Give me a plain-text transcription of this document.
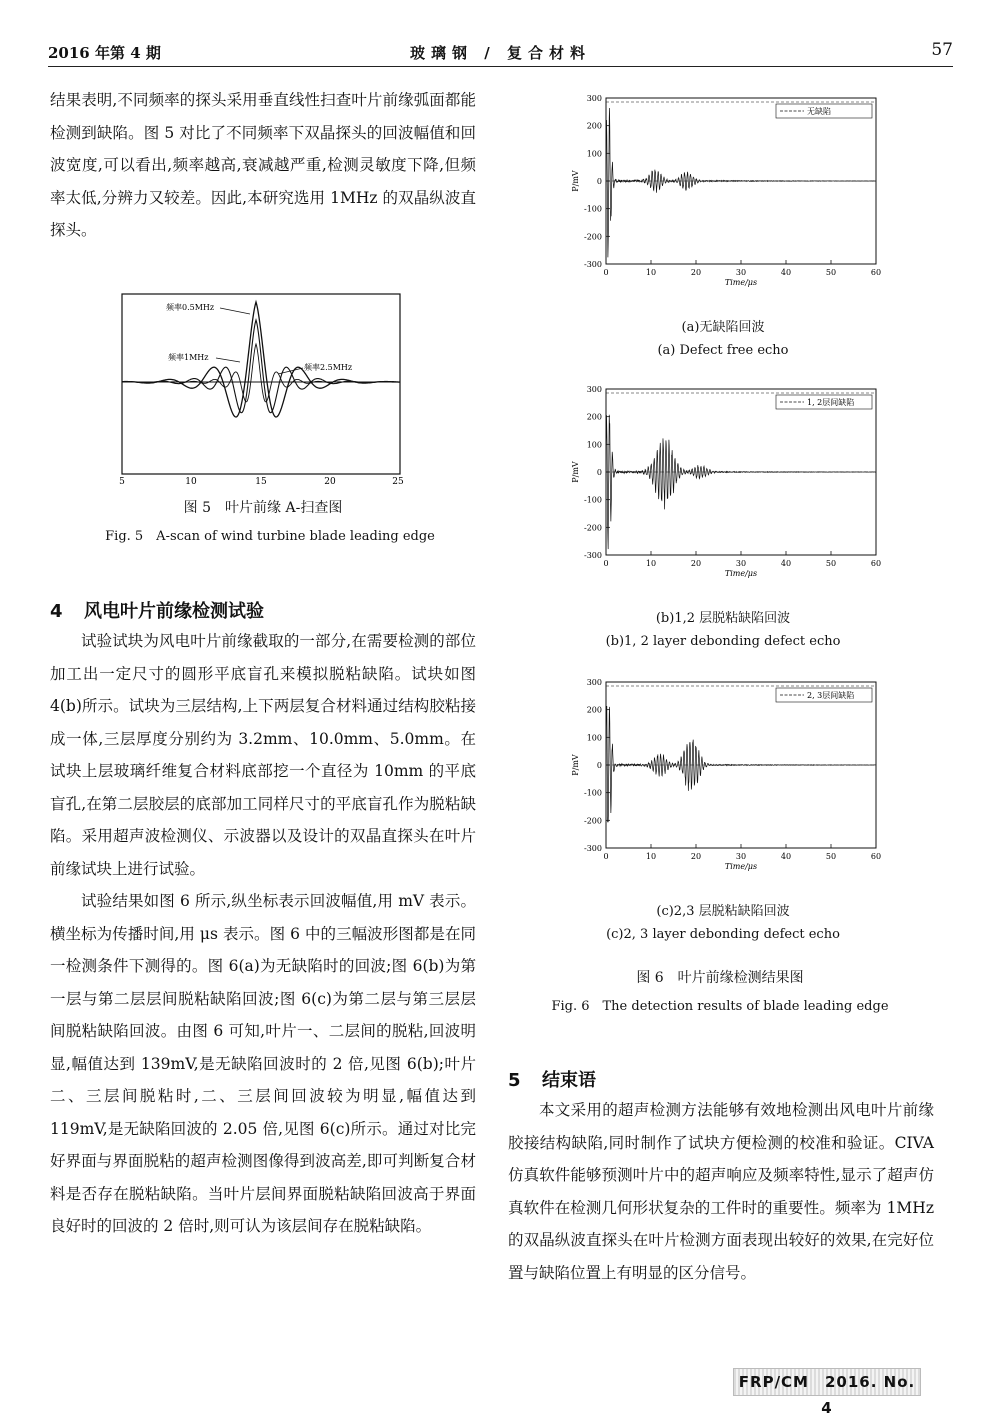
2016 年第 4 期	玻璃钢 / 复合材料	57

结果表明,不同频率的探头采用垂直线性扫查叶片前缘弧面都能检测到缺陷。图 5 对比了不同频率下双晶探头的回波幅值和回波宽度,可以看出,频率越高,衰减越严重,检测灵敏度下降,但频率太低,分辨力又较差。因此,本研究选用 1MHz 的双晶纵波直探头。

频率0.5MHz
频率1MHz
频率2.5MHz
5	10	15	20	25
图 5　叶片前缘 A-扫查图
Fig. 5　A-scan of wind turbine blade leading edge
4 风电叶片前缘检测试验

试验试块为风电叶片前缘截取的一部分,在需要检测的部位加工出一定尺寸的圆形平底盲孔来模拟脱粘缺陷。试块如图 4(b)所示。试块为三层结构,上下两层复合材料通过结构胶粘接成一体,三层厚度分别约为 3.2mm、10.0mm、5.0mm。在试块上层玻璃纤维复合材料底部挖一个直径为 10mm 的平底盲孔,在第二层胶层的底部加工同样尺寸的平底盲孔作为脱粘缺陷。采用超声波检测仪、示波器以及设计的双晶直探头在叶片前缘试块上进行试验。

试验结果如图 6 所示,纵坐标表示回波幅值,用 mV 表示。横坐标为传播时间,用 μs 表示。图 6 中的三幅波形图都是在同一检测条件下测得的。图 6(a)为无缺陷时的回波;图 6(b)为第一层与第二层层间脱粘缺陷回波;图 6(c)为第二层与第三层层间脱粘缺陷回波。由图 6 可知,叶片一、二层间的脱粘,回波明显,幅值达到 139mV,是无缺陷回波时的 2 倍,见图 6(b);叶片二、三层间脱粘时,二、三层间回波较为明显,幅值达到 119mV,是无缺陷回波的 2.05 倍,见图 6(c)所示。通过对比完好界面与界面脱粘的超声检测图像得到波高差,即可判断复合材料是否存在脱粘缺陷。当叶片层间界面脱粘缺陷回波高于界面良好时的回波的 2 倍时,则可认为该层间存在脱粘缺陷。

300
200
100
0
-100
-200
-300
0	10	20	30	40	50	60
Time/μs
P/mV
无缺陷
(a)无缺陷回波
(a) Defect free echo
300
200
100
0
-100
-200
-300
0	10	20	30	40	50	60
Time/μs
P/mV
1, 2层间缺陷
(b)1,2 层脱粘缺陷回波
(b)1, 2 layer debonding defect echo
300
200
100
0
-100
-200
-300
0	10	20	30	40	50	60
Time/μs
P/mV
2, 3层间缺陷
(c)2,3 层脱粘缺陷回波
(c)2, 3 layer debonding defect echo
图 6　叶片前缘检测结果图
Fig. 6　The detection results of blade leading edge
5 结束语

本文采用的超声检测方法能够有效地检测出风电叶片前缘胶接结构缺陷,同时制作了试块方便检测的校准和验证。CIVA 仿真软件能够预测叶片中的超声响应及频率特性,显示了超声仿真软件在检测几何形状复杂的工件时的重要性。频率为 1MHz 的双晶纵波直探头在叶片检测方面表现出较好的效果,在完好位置与缺陷位置上有明显的区分信号。

FRP/CM　2016. No. 4
